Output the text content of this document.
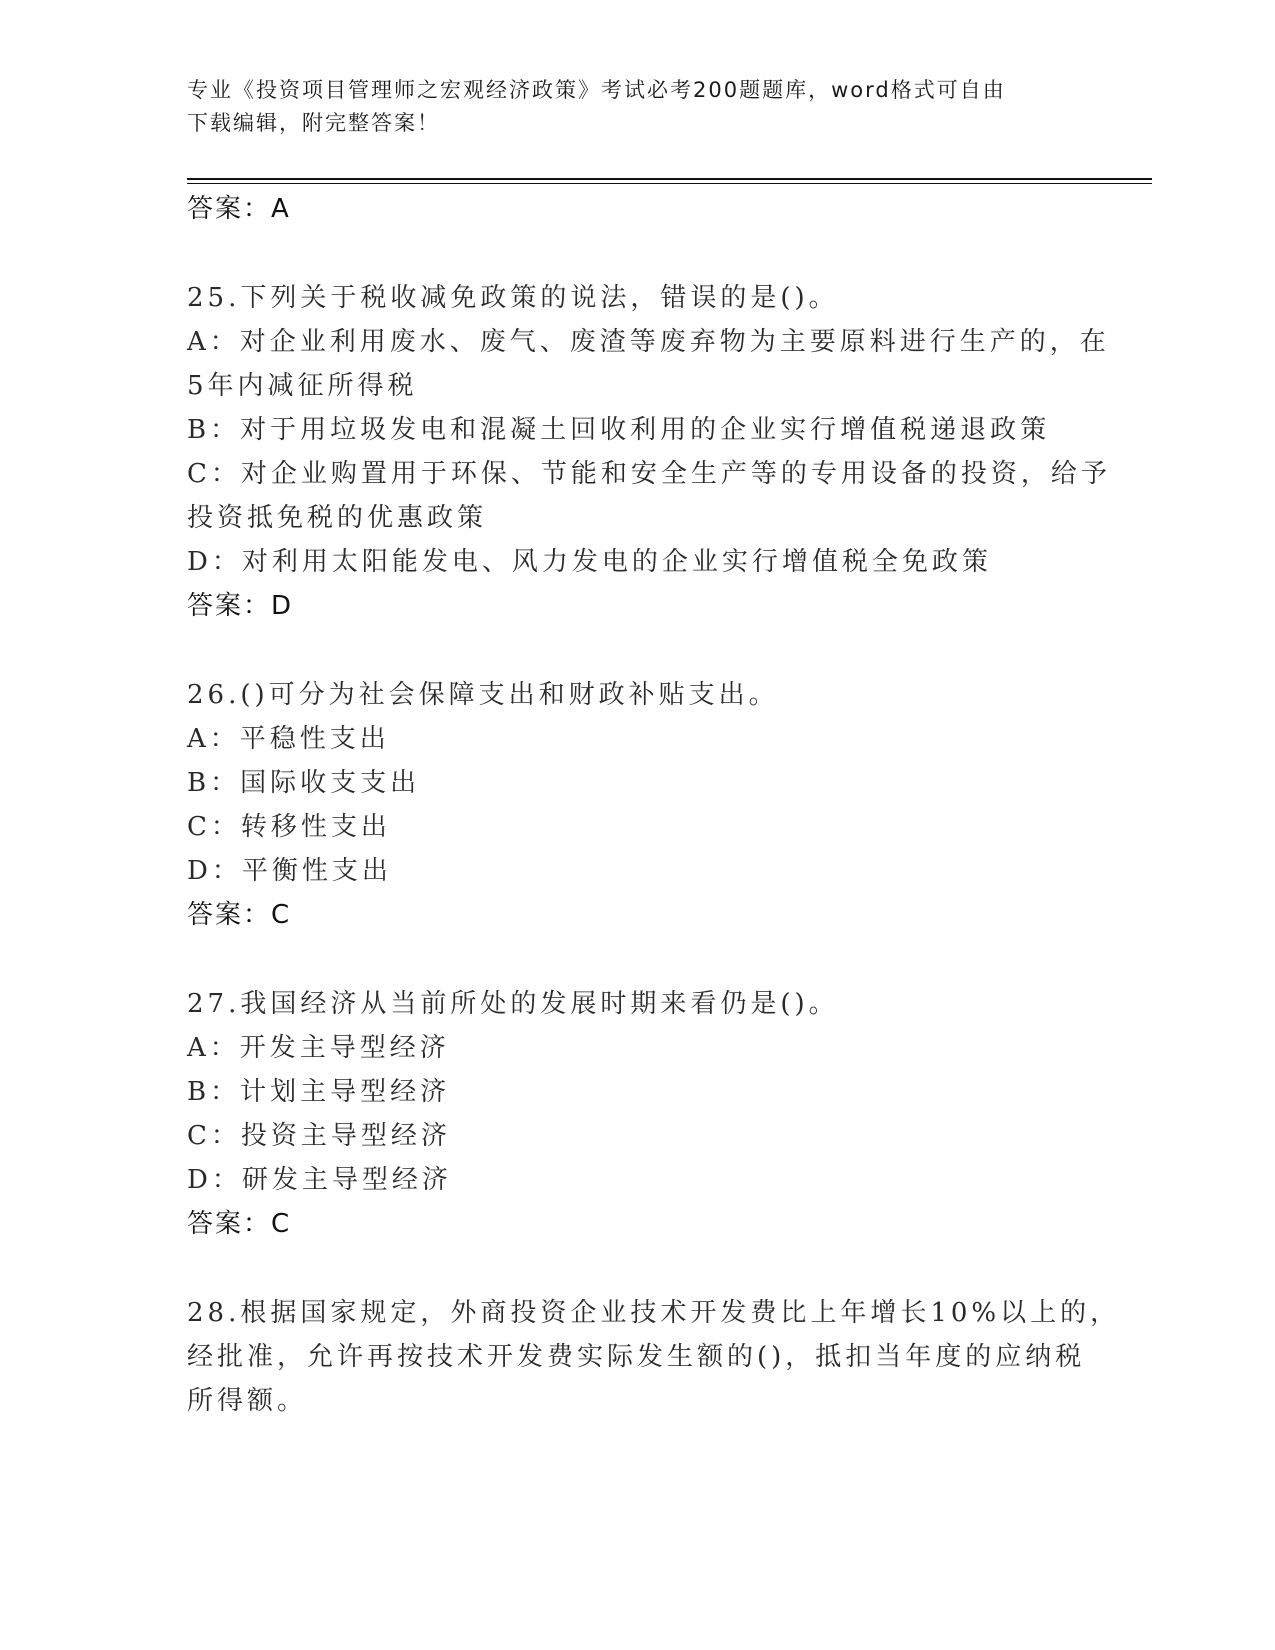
专业《投资项目管理师之宏观经济政策》考试必考200题题库，word格式可自由
下载编辑，附完整答案！
答案：A
25.下列关于税收减免政策的说法，错误的是()。
A：对企业利用废水、废气、废渣等废弃物为主要原料进行生产的，在
5年内减征所得税
B：对于用垃圾发电和混凝土回收利用的企业实行增值税递退政策
C：对企业购置用于环保、节能和安全生产等的专用设备的投资，给予
投资抵免税的优惠政策
D：对利用太阳能发电、风力发电的企业实行增值税全免政策
答案：D
26.()可分为社会保障支出和财政补贴支出。
A：平稳性支出
B：国际收支支出
C：转移性支出
D：平衡性支出
答案：C
27.我国经济从当前所处的发展时期来看仍是()。
A：开发主导型经济
B：计划主导型经济
C：投资主导型经济
D：研发主导型经济
答案：C
28.根据国家规定，外商投资企业技术开发费比上年增长10%以上的，
经批准，允许再按技术开发费实际发生额的()，抵扣当年度的应纳税
所得额。
